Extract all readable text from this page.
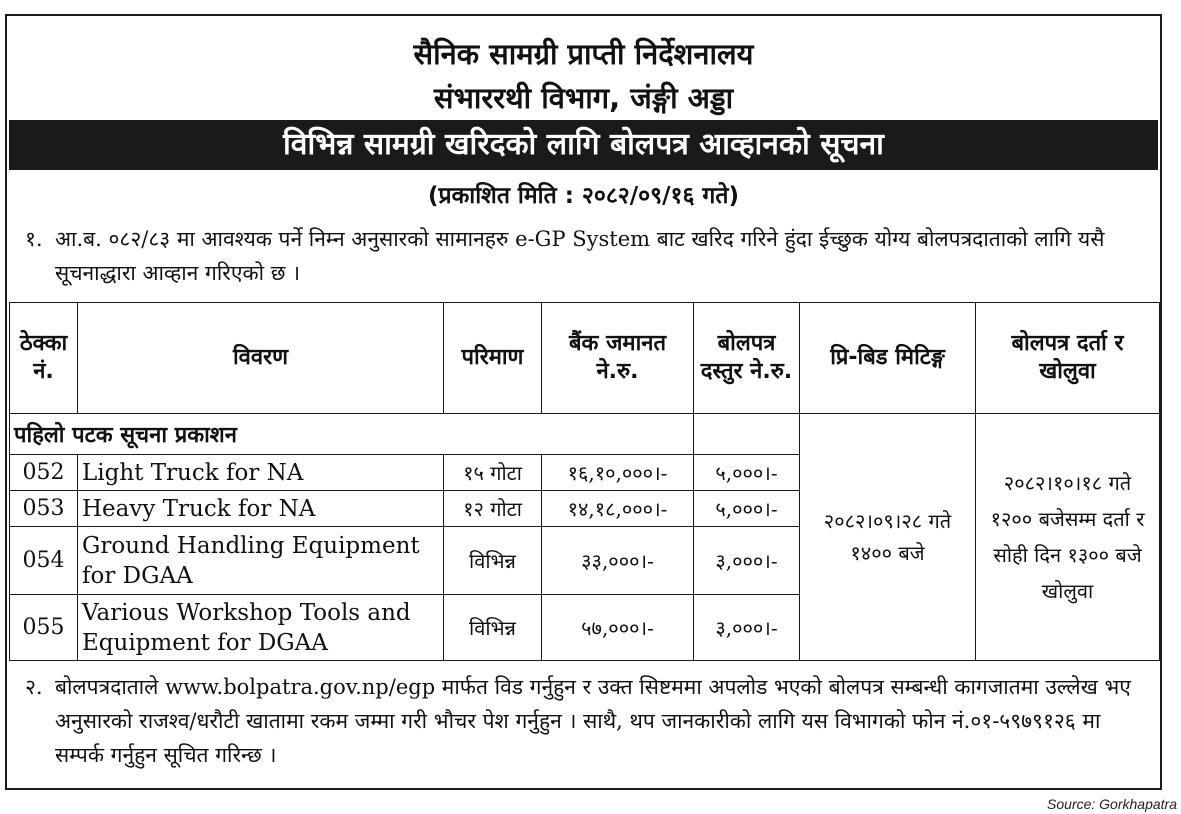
सैनिक सामग्री प्राप्ती निर्देशनालय
संभाररथी विभाग, जंङ्गी अड्डा
विभिन्न सामग्री खरिदको लागि बोलपत्र आव्हानको सूचना
(प्रकाशित मिति : २०८२/०९/१६ गते)
१. आ.ब. ०८२/८३ मा आवश्यक पर्ने निम्न अनुसारको सामानहरु e-GP System बाट खरिद गरिने हुंदा ईच्छुक योग्य बोलपत्रदाताको लागि यसै सूचनाद्धारा आव्हान गरिएको छ ।
ठेक्का नं.	विवरण	परिमाण	बैंक जमानत ने.रु.	बोलपत्र दस्तुर ने.रु.	प्रि-बिड मिटिङ्ग	बोलपत्र दर्ता र खोलुवा
पहिलो पटक सूचना प्रकाशन					२०८२।०९।२८ गते १४०० बजे	२०८२।१०।१८ गते १२०० बजेसम्म दर्ता र सोही दिन १३०० बजे खोलुवा
052	Light Truck for NA	१५ गोटा	१६,१०,०००।-	५,०००।-		
053	Heavy Truck for NA	१२ गोटा	१४,१८,०००।-	५,०००।-		
054	Ground Handling Equipment for DGAA	विभिन्न	३३,०००।-	३,०००।-		
055	Various Workshop Tools and Equipment for DGAA	विभिन्न	५७,०००।-	३,०००।-		
२. बोलपत्रदाताले www.bolpatra.gov.np/egp मार्फत विड गर्नुहुन र उक्त सिष्टममा अपलोड भएको बोलपत्र सम्बन्धी कागजातमा उल्लेख भए अनुसारको राजश्व/धरौटी खातामा रकम जम्मा गरी भौचर पेश गर्नुहुन । साथै, थप जानकारीको लागि यस विभागको फोन नं.०१-५९७९१२६ मा सम्पर्क गर्नुहुन सूचित गरिन्छ ।
Source: Gorkhapatra
